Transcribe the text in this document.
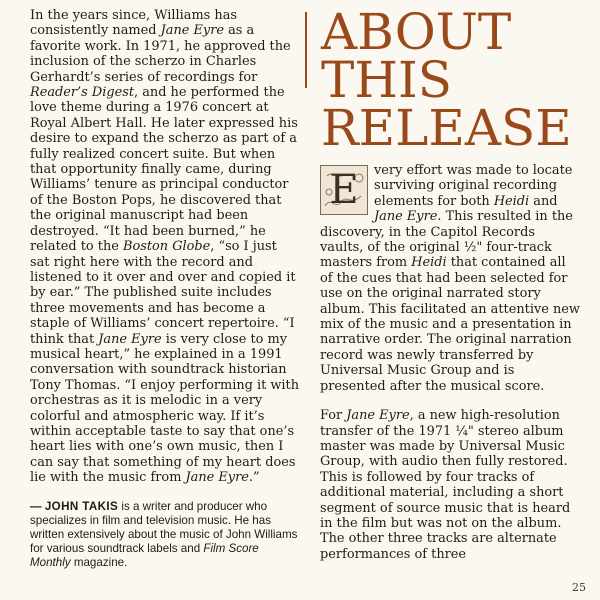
In the years since, Williams has consistently named Jane Eyre as a favorite work. In 1971, he approved the inclusion of the scherzo in Charles Gerhardt’s series of recordings for Reader’s Digest, and he performed the love theme during a 1976 concert at Royal Albert Hall. He later expressed his desire to expand the scherzo as part of a fully realized concert suite. But when that opportunity finally came, during Williams’ tenure as principal conductor of the Boston Pops, he discovered that the original manuscript had been destroyed. “It had been burned,” he related to the Boston Globe, “so I just sat right here with the record and listened to it over and over and copied it by ear.” The published suite includes three movements and has become a staple of Williams’ concert repertoire. “I think that Jane Eyre is very close to my musical heart,” he explained in a 1991 conversation with soundtrack historian Tony Thomas. “I enjoy performing it with orchestras as it is melodic in a very colorful and atmospheric way. If it’s within acceptable taste to say that one’s heart lies with one’s own music, then I can say that something of my heart does lie with the music from Jane Eyre.”

— JOHN TAKIS is a writer and producer who specializes in film and television music. He has written extensively about the music of John Williams for various soundtrack labels and Film Score Monthly magazine.

ABOUT
THIS
RELEASE

E	very effort was made to locate surviving original recording elements for both Heidi and Jane Eyre. This resulted in the discovery, in the Capitol Records vaults, of the original ½" four-track masters from Heidi that contained all of the cues that had been selected for use on the original narrated story album. This facilitated an attentive new mix of the music and a presentation in narrative order. The original narration record was newly transferred by Universal Music Group and is presented after the musical score.

For Jane Eyre, a new high-resolution transfer of the 1971 ¼" stereo album master was made by Universal Music Group, with audio then fully restored. This is followed by four tracks of additional material, including a short segment of source music that is heard in the film but was not on the album. The other three tracks are alternate performances of three

25
